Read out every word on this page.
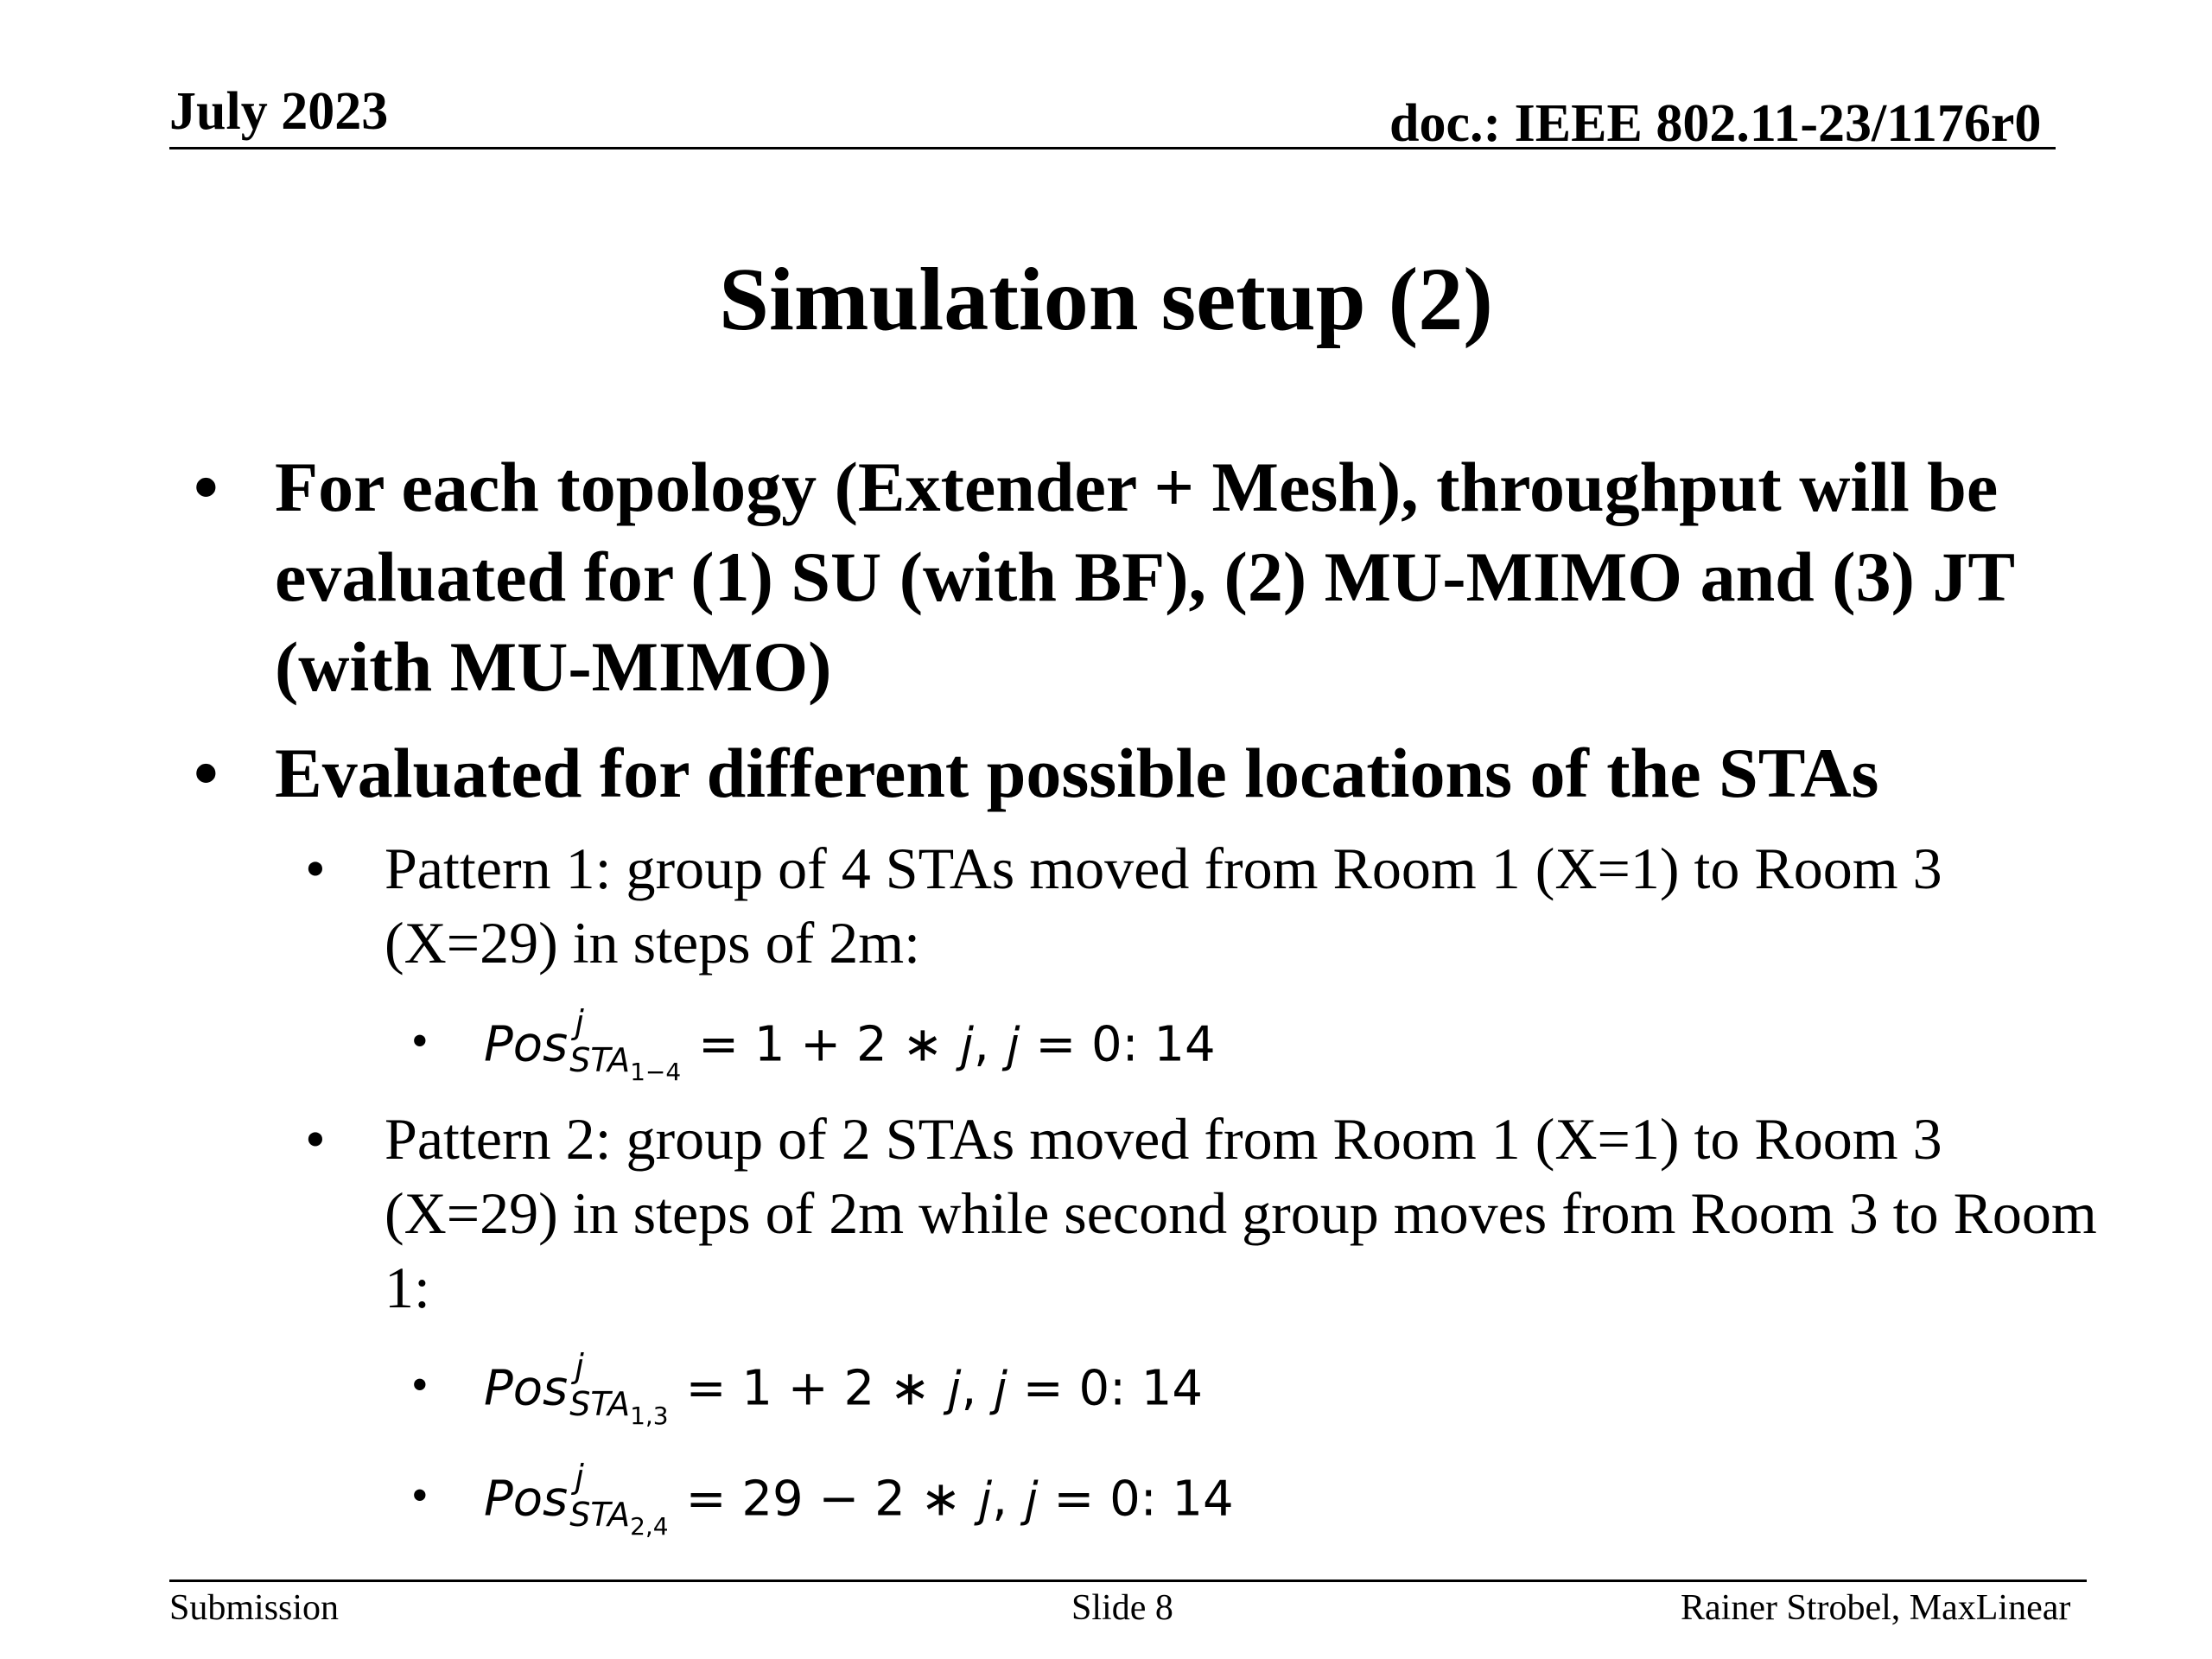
July 2023	doc.: IEEE 802.11-23/1176r0
Simulation setup (2)
• For each topology (Extender + Mesh), throughput will be evaluated for (1) SU (with BF), (2) MU-MIMO and (3) JT (with MU-MIMO)
• Evaluated for different possible locations of the STAs
• Pattern 1: group of 4 STAs moved from Room 1 (X=1) to Room 3 (X=29) in steps of 2m:
• Pos j
$STA_{1-4} = 1 + 2$ ∗ 𝑗, 𝑗 = 0: 14
• Pattern 2: group of 2 STAs moved from Room 1 (X=1) to Room 3 (X=29) in steps of 2m while second group moves from Room 3 to Room 1:
• Pos j
$STA_{1,3} = 1 + 2$ ∗ 𝑗, 𝑗 = 0: 14
• Pos j
$STA_{2,4} = 29 - 2$ ∗ 𝑗, 𝑗 = 0: 14
Submission	Slide 8	Rainer Strobel, MaxLinear
